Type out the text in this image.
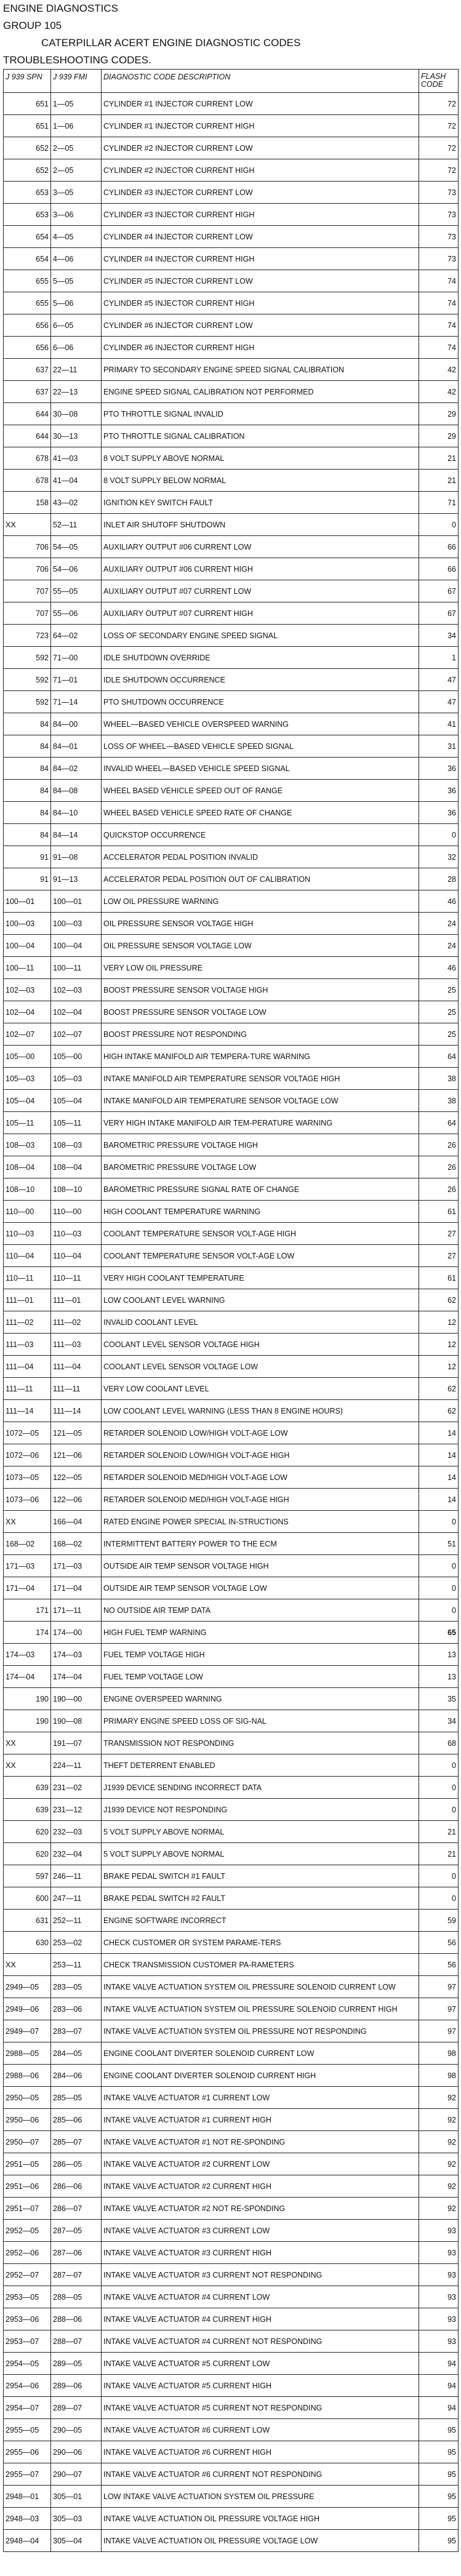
ENGINE DIAGNOSTICS
GROUP 105
CATERPILLAR ACERT ENGINE DIAGNOSTIC CODES
TROUBLESHOOTING CODES.
J 939 SPN	J 939 FMI	DIAGNOSTIC CODE DESCRIPTION	FLASH CODE
651	1—05	CYLINDER #1 INJECTOR CURRENT LOW	72
651	1—06	CYLINDER #1 INJECTOR CURRENT HIGH	72
652	2—05	CYLINDER #2 INJECTOR CURRENT LOW	72
652	2—05	CYLINDER #2 INJECTOR CURRENT HIGH	72
653	3—05	CYLINDER #3 INJECTOR CURRENT LOW	73
653	3—06	CYLINDER #3 INJECTOR CURRENT HIGH	73
654	4—05	CYLINDER #4 INJECTOR CURRENT LOW	73
654	4—06	CYLINDER #4 INJECTOR CURRENT HIGH	73
655	5—05	CYLINDER #5 INJECTOR CURRENT LOW	74
655	5—06	CYLINDER #5 INJECTOR CURRENT HIGH	74
656	6—05	CYLINDER #6 INJECTOR CURRENT LOW	74
656	6—06	CYLINDER #6 INJECTOR CURRENT HIGH	74
637	22—11	PRIMARY TO SECONDARY ENGINE SPEED SIGNAL CALIBRATION	42
637	22—13	ENGINE SPEED SIGNAL CALIBRATION NOT PERFORMED	42
644	30—08	PTO THROTTLE SIGNAL INVALID	29
644	30—13	PTO THROTTLE SIGNAL CALIBRATION	29
678	41—03	8 VOLT SUPPLY ABOVE NORMAL	21
678	41—04	8 VOLT SUPPLY BELOW NORMAL	21
158	43—02	IGNITION KEY SWITCH FAULT	71
XX	52—11	INLET AIR SHUTOFF SHUTDOWN	0
706	54—05	AUXILIARY OUTPUT #06 CURRENT LOW	66
706	54—06	AUXILIARY OUTPUT #06 CURRENT HIGH	66
707	55—05	AUXILIARY OUTPUT #07 CURRENT LOW	67
707	55—06	AUXILIARY OUTPUT #07 CURRENT HIGH	67
723	64—02	LOSS OF SECONDARY ENGINE SPEED SIGNAL	34
592	71—00	IDLE SHUTDOWN OVERRIDE	1
592	71—01	IDLE SHUTDOWN OCCURRENCE	47
592	71—14	PTO SHUTDOWN OCCURRENCE	47
84	84—00	WHEEL—BASED VEHICLE OVERSPEED WARNING	41
84	84—01	LOSS OF WHEEL—BASED VEHICLE SPEED SIGNAL	31
84	84—02	INVALID WHEEL—BASED VEHICLE SPEED SIGNAL	36
84	84—08	WHEEL BASED VEHICLE SPEED OUT OF RANGE	36
84	84—10	WHEEL BASED VEHICLE SPEED RATE OF CHANGE	36
84	84—14	QUICKSTOP OCCURRENCE	0
91	91—08	ACCELERATOR PEDAL POSITION INVALID	32
91	91—13	ACCELERATOR PEDAL POSITION OUT OF CALIBRATION	28
100—01	100—01	LOW OIL PRESSURE WARNING	46
100—03	100—03	OIL PRESSURE SENSOR VOLTAGE HIGH	24
100—04	100—04	OIL PRESSURE SENSOR VOLTAGE LOW	24
100—11	100—11	VERY LOW OIL PRESSURE	46
102—03	102—03	BOOST PRESSURE SENSOR VOLTAGE HIGH	25
102—04	102—04	BOOST PRESSURE SENSOR VOLTAGE LOW	25
102—07	102—07	BOOST PRESSURE NOT RESPONDING	25
105—00	105—00	HIGH INTAKE MANIFOLD AIR TEMPERA-TURE WARNING	64
105—03	105—03	INTAKE MANIFOLD AIR TEMPERATURE SENSOR VOLTAGE HIGH	38
105—04	105—04	INTAKE MANIFOLD AIR TEMPERATURE SENSOR VOLTAGE LOW	38
105—11	105—11	VERY HIGH INTAKE MANIFOLD AIR TEM-PERATURE WARNING	64
108—03	108—03	BAROMETRIC PRESSURE VOLTAGE HIGH	26
108—04	108—04	BAROMETRIC PRESSURE VOLTAGE LOW	26
108—10	108—10	BAROMETRIC PRESSURE SIGNAL RATE OF CHANGE	26
110—00	110—00	HIGH COOLANT TEMPERATURE WARNING	61
110—03	110—03	COOLANT TEMPERATURE SENSOR VOLT-AGE HIGH	27
110—04	110—04	COOLANT TEMPERATURE SENSOR VOLT-AGE LOW	27
110—11	110—11	VERY HIGH COOLANT TEMPERATURE	61
111—01	111—01	LOW COOLANT LEVEL WARNING	62
111—02	111—02	INVALID COOLANT LEVEL	12
111—03	111—03	COOLANT LEVEL SENSOR VOLTAGE HIGH	12
111—04	111—04	COOLANT LEVEL SENSOR VOLTAGE LOW	12
111—11	111—11	VERY LOW COOLANT LEVEL	62
111—14	111—14	LOW COOLANT LEVEL WARNING (LESS THAN 8 ENGINE HOURS)	62
1072—05	121—05	RETARDER SOLENOID LOW/HIGH VOLT-AGE LOW	14
1072—06	121—06	RETARDER SOLENOID LOW/HIGH VOLT-AGE HIGH	14
1073—05	122—05	RETARDER SOLENOID MED/HIGH VOLT-AGE LOW	14
1073—06	122—06	RETARDER SOLENOID MED/HIGH VOLT-AGE HIGH	14
XX	166—04	RATED ENGINE POWER SPECIAL IN-STRUCTIONS	0
168—02	168—02	INTERMITTENT BATTERY POWER TO THE ECM	51
171—03	171—03	OUTSIDE AIR TEMP SENSOR VOLTAGE HIGH	0
171—04	171—04	OUTSIDE AIR TEMP SENSOR VOLTAGE LOW	0
171	171—11	NO OUTSIDE AIR TEMP DATA	0
174	174—00	HIGH FUEL TEMP WARNING	65
174—03	174—03	FUEL TEMP VOLTAGE HIGH	13
174—04	174—04	FUEL TEMP VOLTAGE LOW	13
190	190—00	ENGINE OVERSPEED WARNING	35
190	190—08	PRIMARY ENGINE SPEED LOSS OF SIG-NAL	34
XX	191—07	TRANSMISSION NOT RESPONDING	68
XX	224—11	THEFT DETERRENT ENABLED	0
639	231—02	J1939 DEVICE SENDING INCORRECT DATA	0
639	231—12	J1939 DEVICE NOT RESPONDING	0
620	232—03	5 VOLT SUPPLY ABOVE NORMAL	21
620	232—04	5 VOLT SUPPLY ABOVE NORMAL	21
597	246—11	BRAKE PEDAL SWITCH #1 FAULT	0
600	247—11	BRAKE PEDAL SWITCH #2 FAULT	0
631	252—11	ENGINE SOFTWARE INCORRECT	59
630	253—02	CHECK CUSTOMER OR SYSTEM PARAME-TERS	56
XX	253—11	CHECK TRANSMISSION CUSTOMER PA-RAMETERS	56
2949—05	283—05	INTAKE VALVE ACTUATION SYSTEM OIL PRESSURE SOLENOID CURRENT LOW	97
2949—06	283—06	INTAKE VALVE ACTUATION SYSTEM OIL PRESSURE SOLENOID CURRENT HIGH	97
2949—07	283—07	INTAKE VALVE ACTUATION SYSTEM OIL PRESSURE NOT RESPONDING	97
2988—05	284—05	ENGINE COOLANT DIVERTER SOLENOID CURRENT LOW	98
2988—06	284—06	ENGINE COOLANT DIVERTER SOLENOID CURRENT HIGH	98
2950—05	285—05	INTAKE VALVE ACTUATOR #1 CURRENT LOW	92
2950—06	285—06	INTAKE VALVE ACTUATOR #1 CURRENT HIGH	92
2950—07	285—07	INTAKE VALVE ACTUATOR #1 NOT RE-SPONDING	92
2951—05	286—05	INTAKE VALVE ACTUATOR #2 CURRENT LOW	92
2951—06	286—06	INTAKE VALVE ACTUATOR #2 CURRENT HIGH	92
2951—07	286—07	INTAKE VALVE ACTUATOR #2 NOT RE-SPONDING	92
2952—05	287—05	INTAKE VALVE ACTUATOR #3 CURRENT LOW	93
2952—06	287—06	INTAKE VALVE ACTUATOR #3 CURRENT HIGH	93
2952—07	287—07	INTAKE VALVE ACTUATOR #3 CURRENT NOT RESPONDING	93
2953—05	288—05	INTAKE VALVE ACTUATOR #4 CURRENT LOW	93
2953—06	288—06	INTAKE VALVE ACTUATOR #4 CURRENT HIGH	93
2953—07	288—07	INTAKE VALVE ACTUATOR #4 CURRENT NOT RESPONDING	93
2954—05	289—05	INTAKE VALVE ACTUATOR #5 CURRENT LOW	94
2954—06	289—06	INTAKE VALVE ACTUATOR #5 CURRENT HIGH	94
2954—07	289—07	INTAKE VALVE ACTUATOR #5 CURRENT NOT RESPONDING	94
2955—05	290—05	INTAKE VALVE ACTUATOR #6 CURRENT LOW	95
2955—06	290—06	INTAKE VALVE ACTUATOR #6 CURRENT HIGH	95
2955—07	290—07	INTAKE VALVE ACTUATOR #6 CURRENT NOT RESPONDING	95
2948—01	305—01	LOW INTAKE VALVE ACTUATION SYSTEM OIL PRESSURE	95
2948—03	305—03	INTAKE VALVE ACTUATION OIL PRESSURE VOLTAGE HIGH	95
2948—04	305—04	INTAKE VALVE ACTUATION OIL PRESSURE VOLTAGE LOW	95
